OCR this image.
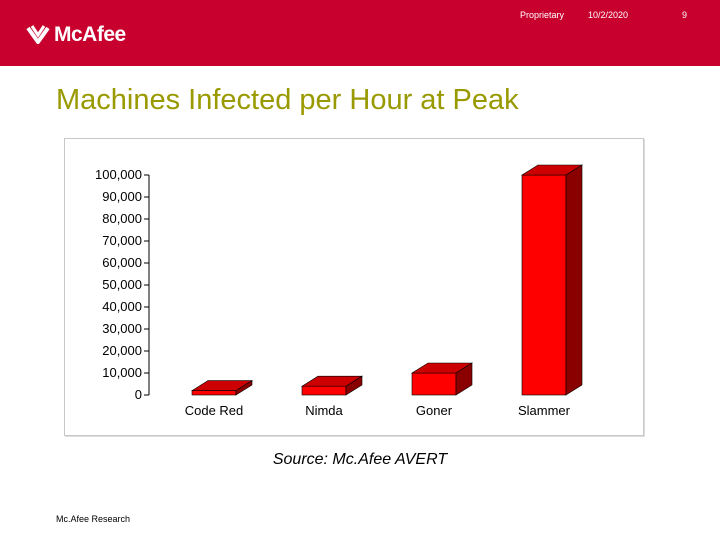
McAfee
Proprietary	10/2/2020	9
Machines Infected per Hour at Peak
0
10,000
20,000
30,000
40,000
50,000
60,000
70,000
80,000
90,000
100,000
Code Red	Nimda	Goner	Slammer
Source: Mc.Afee AVERT
Mc.Afee Research
